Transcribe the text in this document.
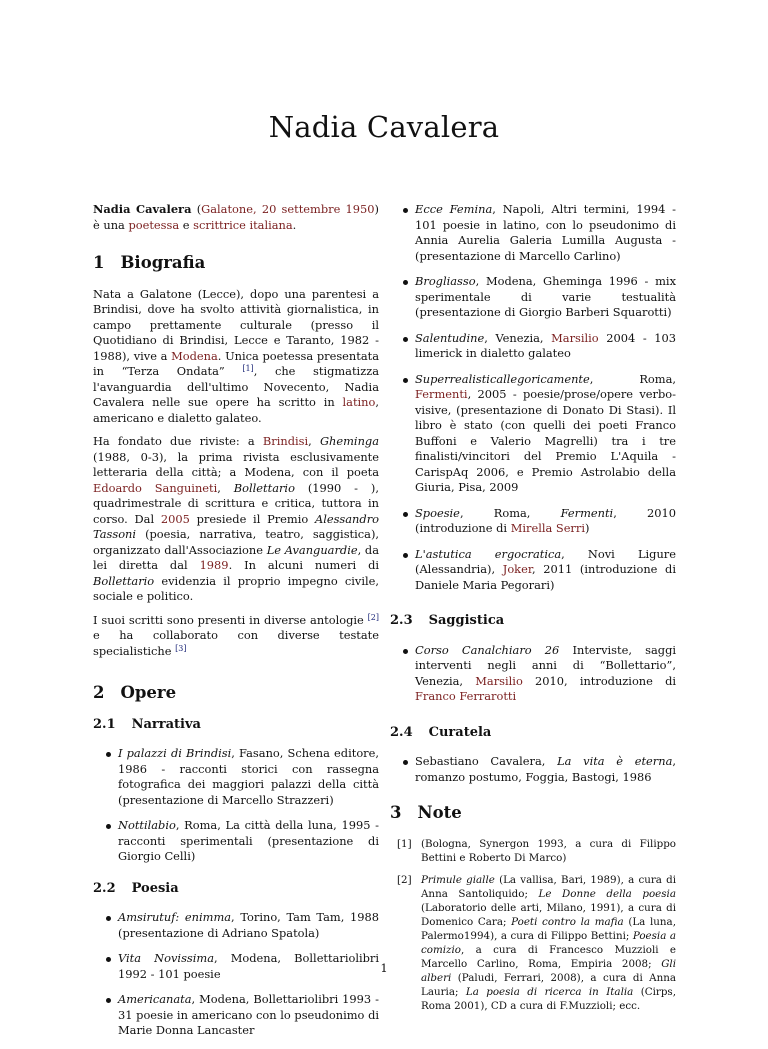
Nadia Cavalera

Nadia Cavalera (Galatone, 20 settembre 1950) è una poetessa e scrittrice italiana.

1 Biografia

Nata a Galatone (Lecce), dopo una parentesi a Brindisi, dove ha svolto attività giornalistica, in campo prettamente culturale (presso il Quotidiano di Brindisi, Lecce e Taranto, 1982 - 1988), vive a Modena. Unica poetessa presentata in “Terza Ondata” [1], che stigmatizza l'avanguardia dell'ultimo Novecento, Nadia Cavalera nelle sue opere ha scritto in latino, americano e dialetto galateo.

Ha fondato due riviste: a Brindisi, Gheminga (1988, 0-3), la prima rivista esclusivamente letteraria della città; a Modena, con il poeta Edoardo Sanguineti, Bollettario (1990 - ), quadrimestrale di scrittura e critica, tuttora in corso. Dal 2005 presiede il Premio Alessandro Tassoni (poesia, narrativa, teatro, saggistica), organizzato dall'Associazione Le Avanguardie, da lei diretta dal 1989. In alcuni numeri di Bollettario evidenzia il proprio impegno civile, sociale e politico.

I suoi scritti sono presenti in diverse antologie [2] e ha collaborato con diverse testate specialistiche [3]

2 Opere
2.1 Narrativa
I palazzi di Brindisi, Fasano, Schena editore, 1986 - racconti storici con rassegna fotografica dei maggiori palazzi della città (presentazione di Marcello Strazzeri)
Nottilabio, Roma, La città della luna, 1995 - racconti sperimentali (presentazione di Giorgio Celli)
2.2 Poesia
Amsirutuf: enimma, Torino, Tam Tam, 1988 (presentazione di Adriano Spatola)
Vita Novissima, Modena, Bollettariolibri 1992 - 101 poesie
Americanata, Modena, Bollettariolibri 1993 - 31 poesie in americano con lo pseudonimo di Marie Donna Lancaster
Ecce Femina, Napoli, Altri termini, 1994 - 101 poesie in latino, con lo pseudonimo di Annia Aurelia Galeria Lumilla Augusta - (presentazione di Marcello Carlino)
Brogliasso, Modena, Gheminga 1996 - mix sperimentale di varie testualità (presentazione di Giorgio Barberi Squarotti)
Salentudine, Venezia, Marsilio 2004 - 103 limerick in dialetto galateo
Superrealisticallegoricamente, Roma, Fermenti, 2005 - poesie/prose/opere verbo-visive, (presentazione di Donato Di Stasi). Il libro è stato (con quelli dei poeti Franco Buffoni e Valerio Magrelli) tra i tre finalisti/vincitori del Premio L'Aquila - CarispAq 2006, e Premio Astrolabio della Giuria, Pisa, 2009
Spoesie, Roma,	Fermenti, 2010 (introduzione di Mirella Serri)
L'astutica ergocratica, Novi Ligure (Alessandria), Joker, 2011 (introduzione di Daniele Maria Pegorari)
2.3 Saggistica
Corso Canalchiaro 26 Interviste, saggi interventi negli anni di “Bollettario”, Venezia, Marsilio 2010, introduzione di Franco Ferrarotti
2.4 Curatela
Sebastiano Cavalera, La vita è eterna, romanzo postumo, Foggia, Bastogi, 1986
3 Note
[1] (Bologna, Synergon 1993, a cura di Filippo Bettini e Roberto Di Marco)
[2] Primule gialle (La vallisa, Bari, 1989), a cura di Anna Santoliquido; Le Donne della poesia (Laboratorio delle arti, Milano, 1991), a cura di Domenico Cara; Poeti contro la mafia (La luna, Palermo1994), a cura di Filippo Bettini; Poesia a comizio, a cura di Francesco Muzzioli e Marcello Carlino, Roma, Empiria 2008; Gli alberi (Paludi, Ferrari, 2008), a cura di Anna Lauria; La poesia di ricerca in Italia (Cirps, Roma 2001), CD a cura di F.Muzzioli; ecc.
1
